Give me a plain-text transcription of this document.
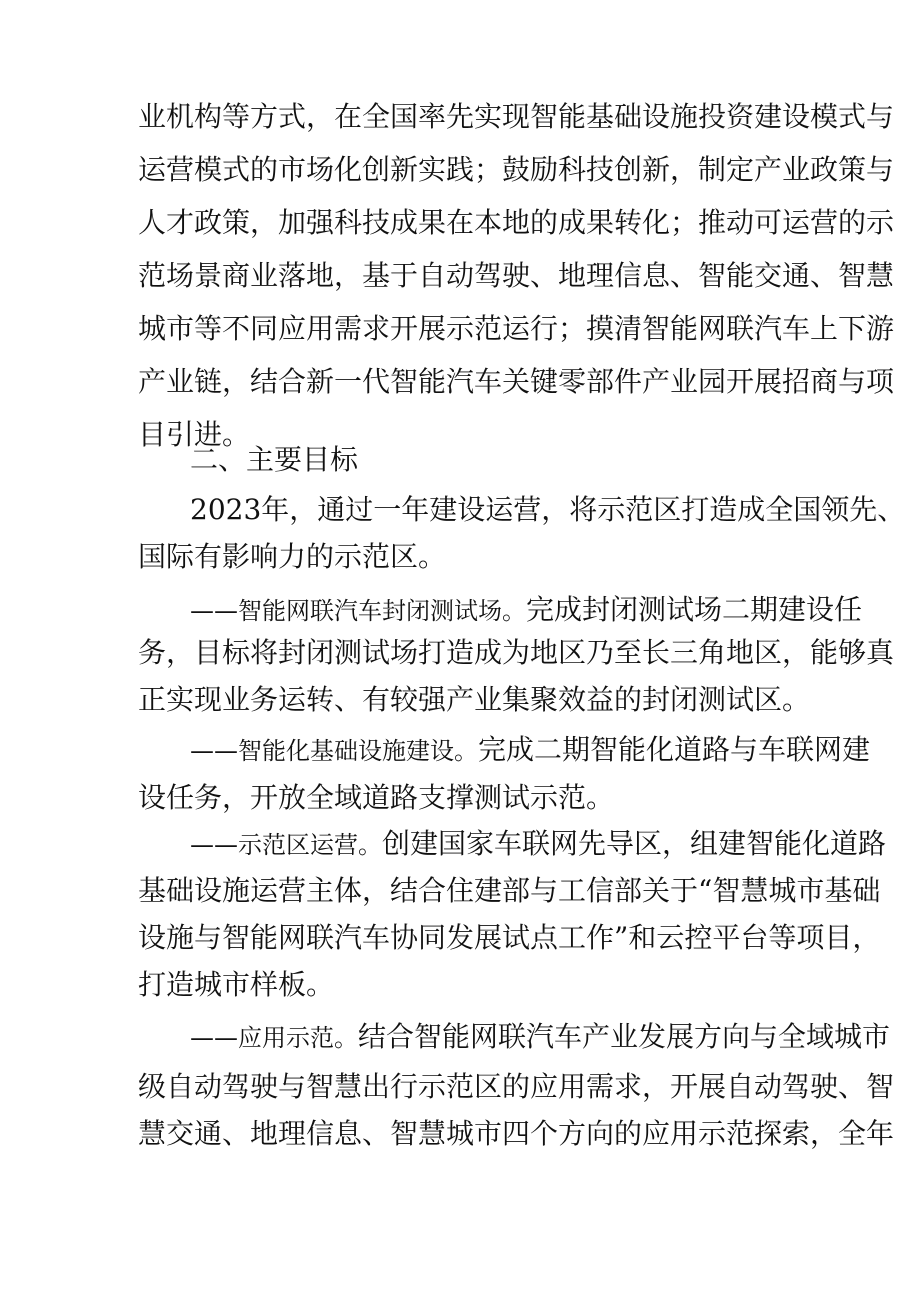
业机构等方式，在全国率先实现智能基础设施投资建设模式与
运营模式的市场化创新实践；鼓励科技创新，制定产业政策与
人才政策，加强科技成果在本地的成果转化；推动可运营的示
范场景商业落地，基于自动驾驶、地理信息、智能交通、智慧
城市等不同应用需求开展示范运行；摸清智能网联汽车上下游
产业链，结合新一代智能汽车关键零部件产业园开展招商与项
目引进。
二、主要目标
2023年，通过一年建设运营，将示范区打造成全国领先、
国际有影响力的示范区。
——智能网联汽车封闭测试场。完成封闭测试场二期建设任
务，目标将封闭测试场打造成为地区乃至长三角地区，能够真
正实现业务运转、有较强产业集聚效益的封闭测试区。
——智能化基础设施建设。完成二期智能化道路与车联网建
设任务，开放全域道路支撑测试示范。
——示范区运营。创建国家车联网先导区，组建智能化道路
基础设施运营主体，结合住建部与工信部关于“智慧城市基础
设施与智能网联汽车协同发展试点工作”和云控平台等项目，
打造城市样板。
——应用示范。结合智能网联汽车产业发展方向与全域城市
级自动驾驶与智慧出行示范区的应用需求，开展自动驾驶、智
慧交通、地理信息、智慧城市四个方向的应用示范探索，全年
